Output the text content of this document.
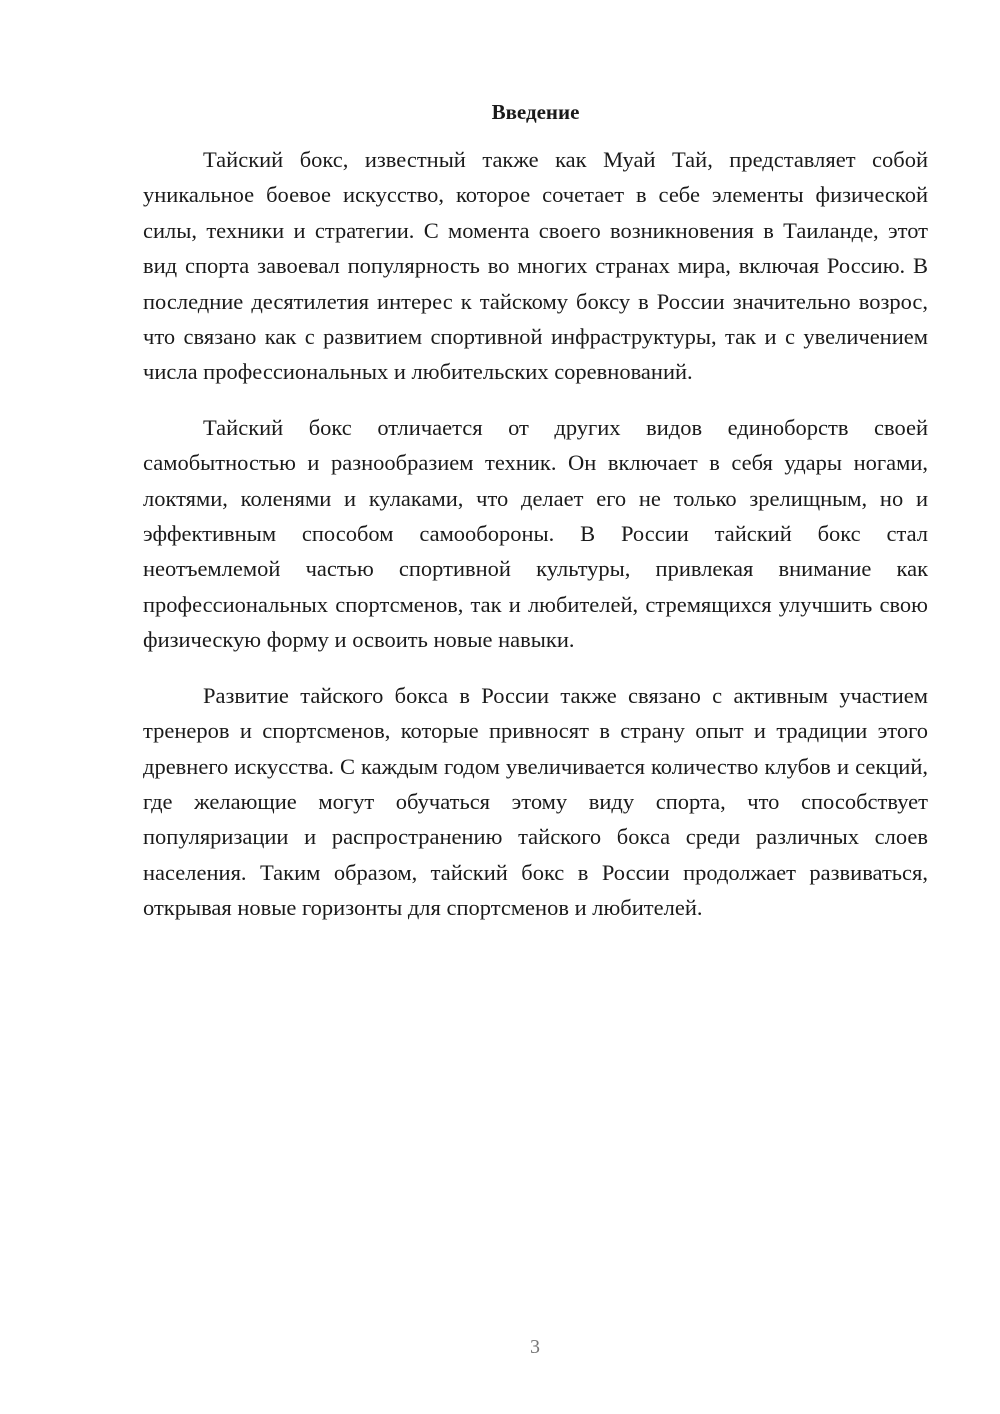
Введение

Тайский бокс, известный также как Муай Тай, представляет собой уникальное боевое искусство, которое сочетает в себе элементы физической силы, техники и стратегии. С момента своего возникновения в Таиланде, этот вид спорта завоевал популярность во многих странах мира, включая Россию. В последние десятилетия интерес к тайскому боксу в России значительно возрос, что связано как с развитием спортивной инфраструктуры, так и с увеличением числа профессиональных и любительских соревнований.

Тайский бокс отличается от других видов единоборств своей самобытностью и разнообразием техник. Он включает в себя удары ногами, локтями, коленями и кулаками, что делает его не только зрелищным, но и эффективным способом самообороны. В России тайский бокс стал неотъемлемой частью спортивной культуры, привлекая внимание как профессиональных спортсменов, так и любителей, стремящихся улучшить свою физическую форму и освоить новые навыки.

Развитие тайского бокса в России также связано с активным участием тренеров и спортсменов, которые привносят в страну опыт и традиции этого древнего искусства. С каждым годом увеличивается количество клубов и секций, где желающие могут обучаться этому виду спорта, что способствует популяризации и распространению тайского бокса среди различных слоев населения. Таким образом, тайский бокс в России продолжает развиваться, открывая новые горизонты для спортсменов и любителей.

3
